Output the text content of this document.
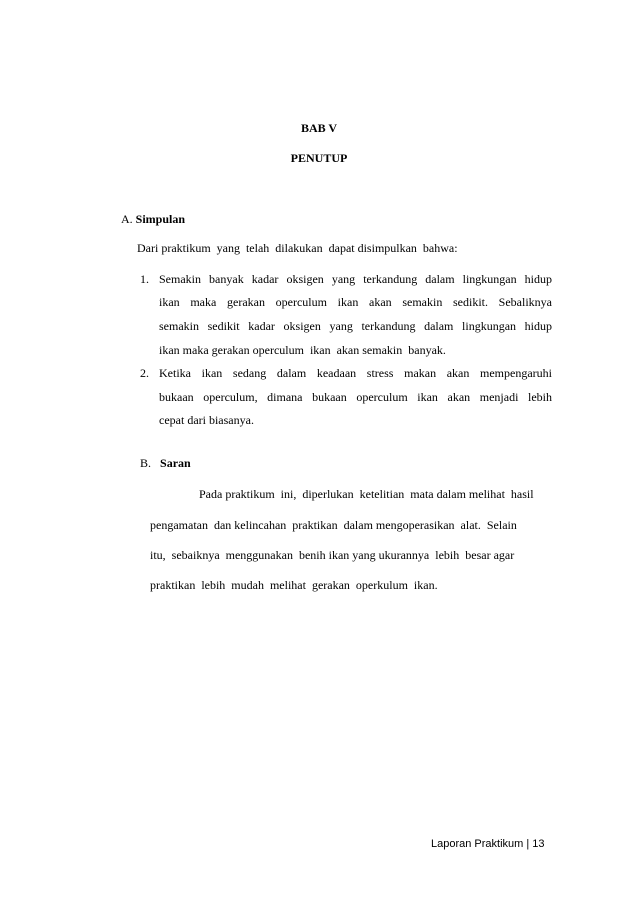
BAB V
PENUTUP
A. Simpulan
Dari praktikum  yang  telah  dilakukan  dapat disimpulkan  bahwa:
1. Semakin banyak kadar oksigen yang terkandung dalam lingkungan hidup
ikan maka gerakan operculum ikan akan semakin sedikit. Sebaliknya
semakin sedikit kadar oksigen yang terkandung dalam lingkungan hidup
ikan maka gerakan operculum  ikan  akan semakin  banyak.
2. Ketika ikan sedang dalam keadaan stress makan akan mempengaruhi
bukaan operculum, dimana bukaan operculum ikan akan menjadi lebih
cepat dari biasanya.
B. Saran
Pada praktikum  ini,  diperlukan  ketelitian  mata dalam melihat  hasil
pengamatan  dan kelincahan  praktikan  dalam mengoperasikan  alat.  Selain
itu,  sebaiknya  menggunakan  benih ikan yang ukurannya  lebih  besar agar
praktikan  lebih  mudah  melihat  gerakan  operkulum  ikan.
Laporan Praktikum | 13
